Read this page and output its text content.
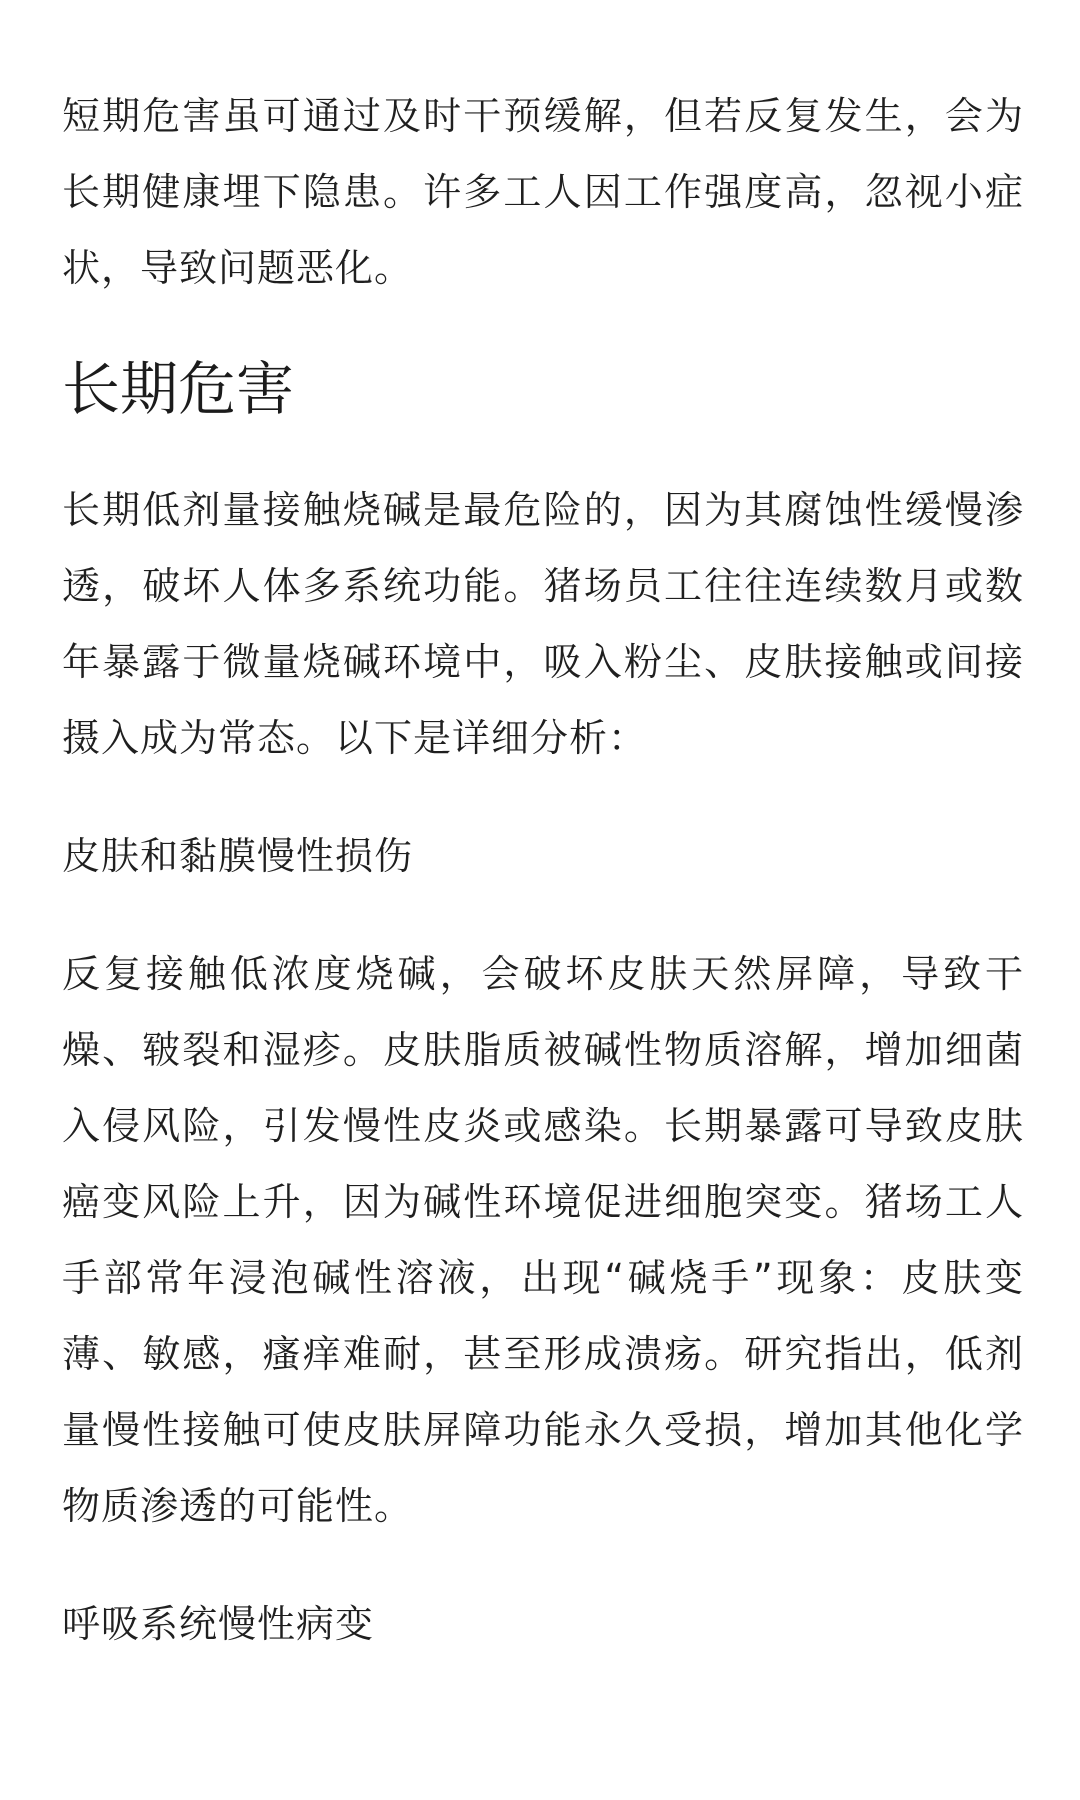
短期危害虽可通过及时干预缓解，但若反复发生，会为长期健康埋下隐患。许多工人因工作强度高，忽视小症状，导致问题恶化。

长期危害

长期低剂量接触烧碱是最危险的，因为其腐蚀性缓慢渗透，破坏人体多系统功能。猪场员工往往连续数月或数年暴露于微量烧碱环境中，吸入粉尘、皮肤接触或间接摄入成为常态。以下是详细分析：

皮肤和黏膜慢性损伤

反复接触低浓度烧碱，会破坏皮肤天然屏障，导致干燥、皲裂和湿疹。皮肤脂质被碱性物质溶解，增加细菌入侵风险，引发慢性皮炎或感染。长期暴露可导致皮肤癌变风险上升，因为碱性环境促进细胞突变。猪场工人手部常年浸泡碱性溶液，出现“碱烧手”现象：皮肤变薄、敏感，瘙痒难耐，甚至形成溃疡。研究指出，低剂量慢性接触可使皮肤屏障功能永久受损，增加其他化学物质渗透的可能性。

呼吸系统慢性病变
